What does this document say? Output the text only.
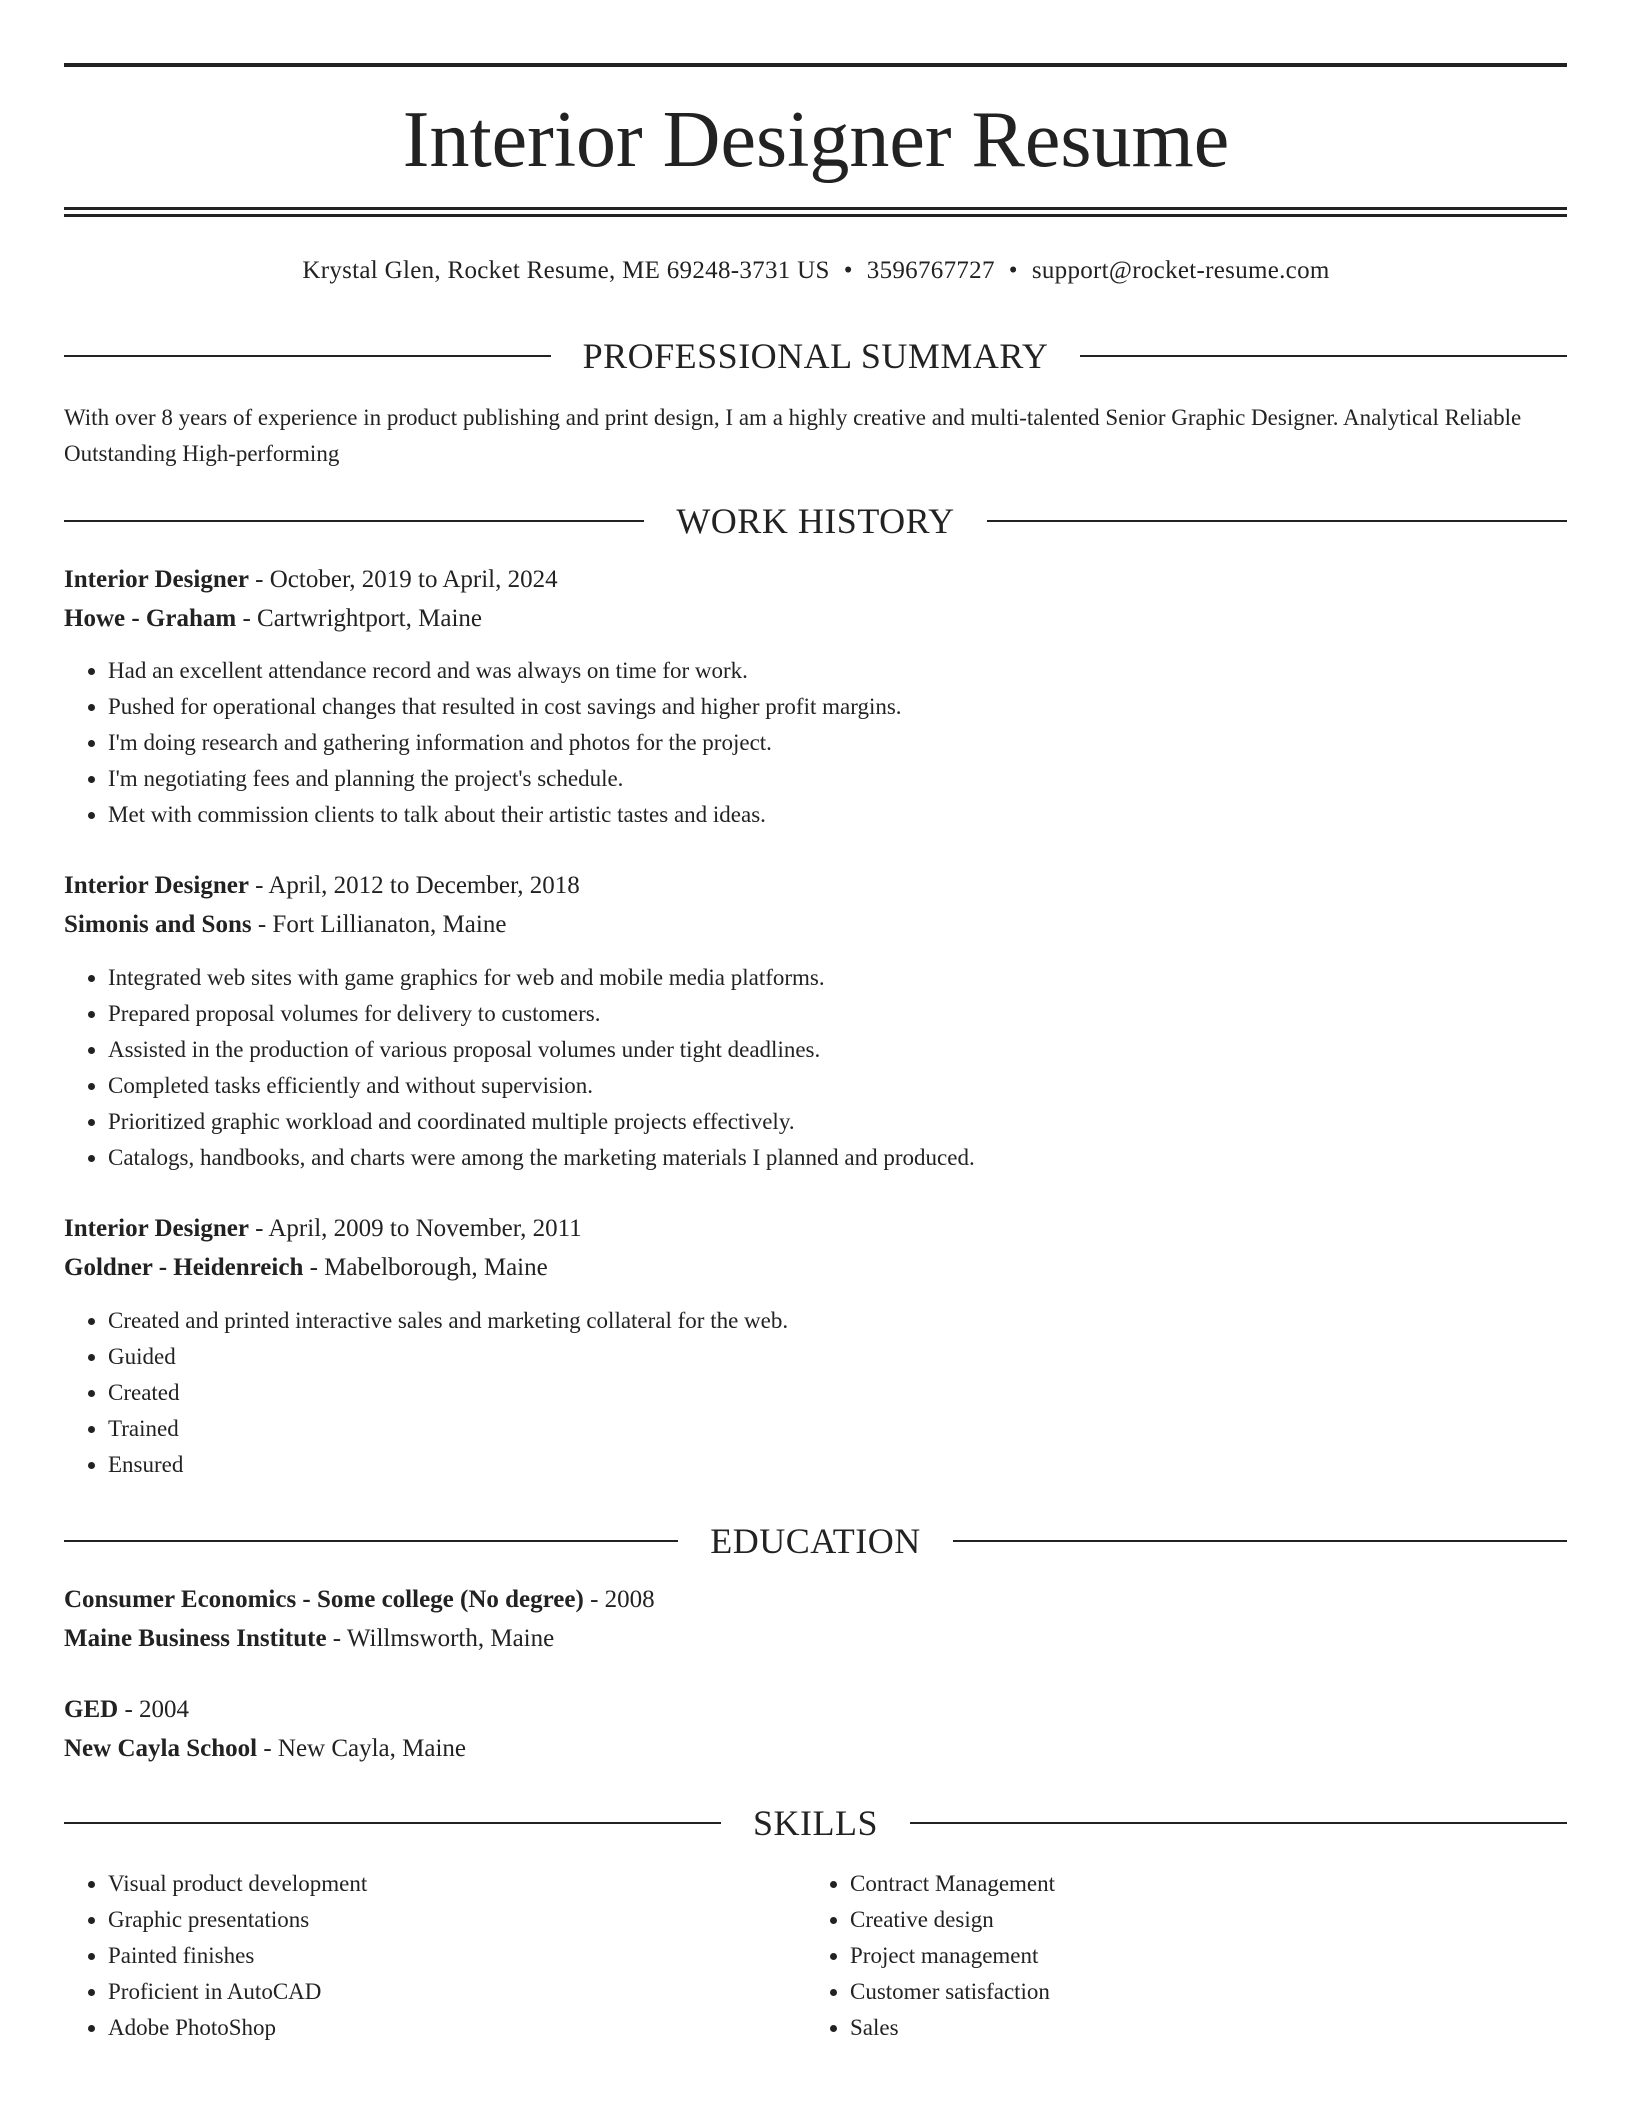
Interior Designer Resume
Krystal Glen, Rocket Resume, ME 69248-3731 US • 3596767727 • support@rocket-resume.com
PROFESSIONAL SUMMARY
With over 8 years of experience in product publishing and print design, I am a highly creative and multi-talented Senior Graphic Designer. Analytical Reliable Outstanding High-performing
WORK HISTORY
Interior Designer - October, 2019 to April, 2024
Howe - Graham - Cartwrightport, Maine
• Had an excellent attendance record and was always on time for work.
• Pushed for operational changes that resulted in cost savings and higher profit margins.
• I'm doing research and gathering information and photos for the project.
• I'm negotiating fees and planning the project's schedule.
• Met with commission clients to talk about their artistic tastes and ideas.
Interior Designer - April, 2012 to December, 2018
Simonis and Sons - Fort Lillianaton, Maine
• Integrated web sites with game graphics for web and mobile media platforms.
• Prepared proposal volumes for delivery to customers.
• Assisted in the production of various proposal volumes under tight deadlines.
• Completed tasks efficiently and without supervision.
• Prioritized graphic workload and coordinated multiple projects effectively.
• Catalogs, handbooks, and charts were among the marketing materials I planned and produced.
Interior Designer - April, 2009 to November, 2011
Goldner - Heidenreich - Mabelborough, Maine
• Created and printed interactive sales and marketing collateral for the web.
• Guided
• Created
• Trained
• Ensured
EDUCATION
Consumer Economics - Some college (No degree) - 2008
Maine Business Institute - Willmsworth, Maine
GED - 2004
New Cayla School - New Cayla, Maine
SKILLS
• Visual product development
• Graphic presentations
• Painted finishes
• Proficient in AutoCAD
• Adobe PhotoShop
• Contract Management
• Creative design
• Project management
• Customer satisfaction
• Sales
